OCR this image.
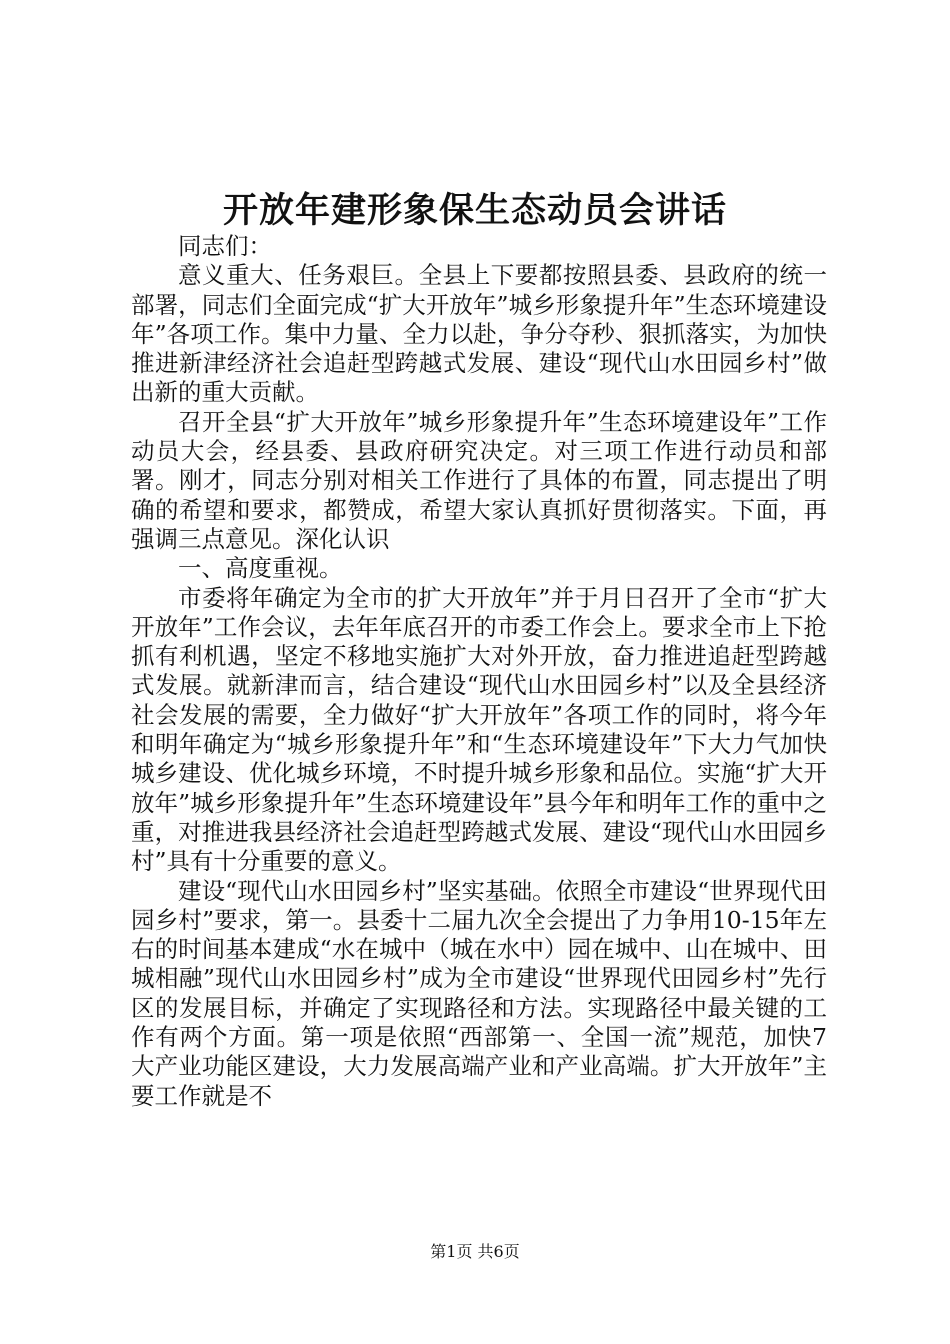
开放年建形象保生态动员会讲话

同志们：

意义重大、任务艰巨。全县上下要都按照县委、县政府的统一部署，同志们全面完成“扩大开放年”城乡形象提升年”生态环境建设年”各项工作。集中力量、全力以赴，争分夺秒、狠抓落实，为加快推进新津经济社会追赶型跨越式发展、建设“现代山水田园乡村”做出新的重大贡献。

召开全县“扩大开放年”城乡形象提升年”生态环境建设年”工作动员大会，经县委、县政府研究决定。对三项工作进行动员和部署。刚才，同志分别对相关工作进行了具体的布置，同志提出了明确的希望和要求，都赞成，希望大家认真抓好贯彻落实。下面，再强调三点意见。深化认识

一、高度重视。

市委将年确定为全市的扩大开放年”并于月日召开了全市“扩大开放年”工作会议，去年年底召开的市委工作会上。要求全市上下抢抓有利机遇，坚定不移地实施扩大对外开放，奋力推进追赶型跨越式发展。就新津而言，结合建设“现代山水田园乡村”以及全县经济社会发展的需要，全力做好“扩大开放年”各项工作的同时，将今年和明年确定为“城乡形象提升年”和“生态环境建设年”下大力气加快城乡建设、优化城乡环境，不时提升城乡形象和品位。实施“扩大开放年”城乡形象提升年”生态环境建设年”县今年和明年工作的重中之重，对推进我县经济社会追赶型跨越式发展、建设“现代山水田园乡村”具有十分重要的意义。

建设“现代山水田园乡村”坚实基础。依照全市建设“世界现代田园乡村”要求，第一。县委十二届九次全会提出了力争用10-15年左右的时间基本建成“水在城中（城在水中）园在城中、山在城中、田城相融”现代山水田园乡村”成为全市建设“世界现代田园乡村”先行区的发展目标，并确定了实现路径和方法。实现路径中最关键的工作有两个方面。第一项是依照“西部第一、全国一流”规范，加快7大产业功能区建设，大力发展高端产业和产业高端。扩大开放年”主要工作就是不

第1页 共6页
